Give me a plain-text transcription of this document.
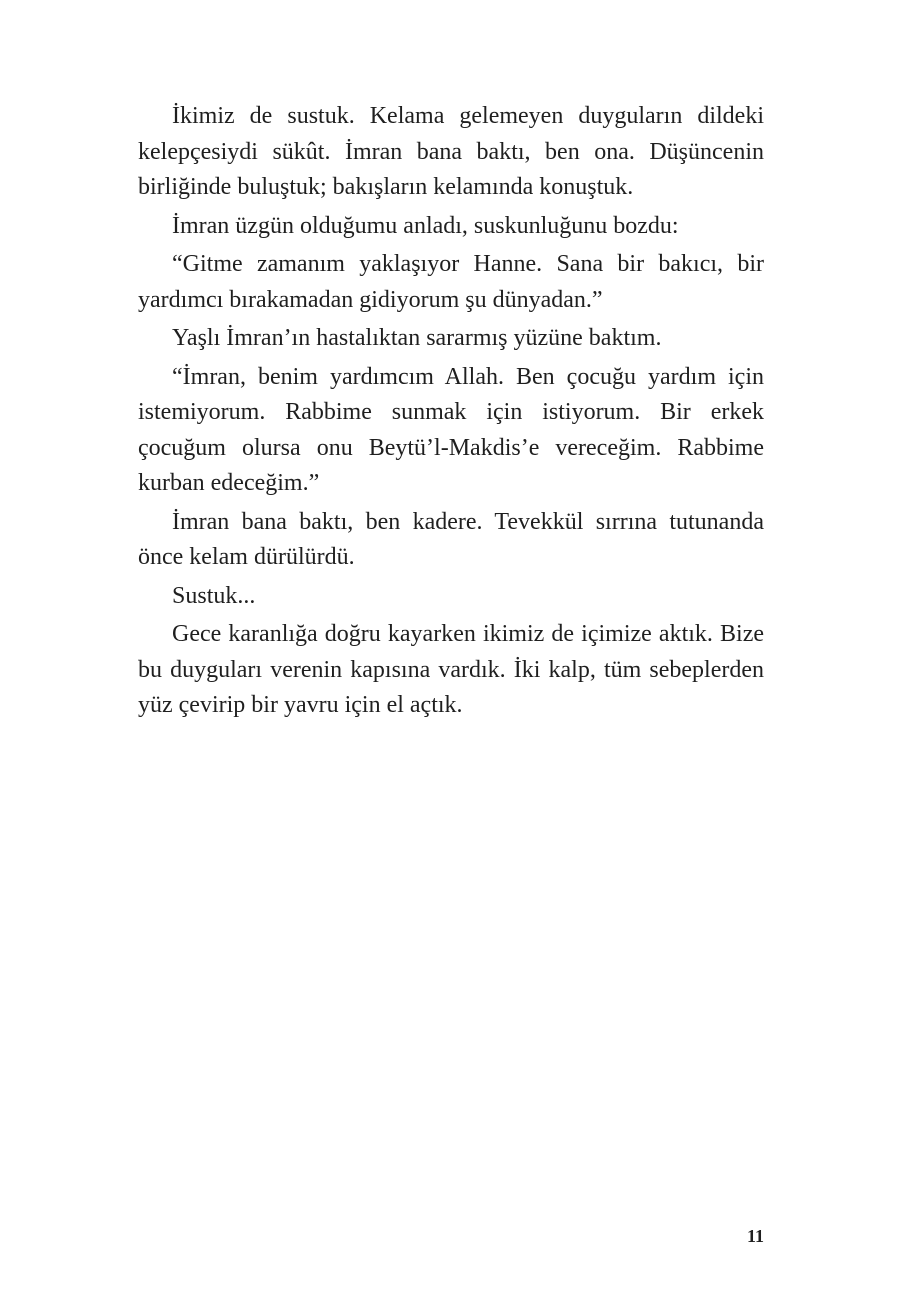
İkimiz de sustuk. Kelama gelemeyen duyguların dildeki kelepçesiydi sükût. İmran bana baktı, ben ona. Düşüncenin birliğinde buluştuk; bakışların kelamında konuştuk.

İmran üzgün olduğumu anladı, suskunluğunu bozdu:

“Gitme zamanım yaklaşıyor Hanne. Sana bir bakıcı, bir yardımcı bırakamadan gidiyorum şu dünyadan.”

Yaşlı İmran’ın hastalıktan sararmış yüzüne baktım.

“İmran, benim yardımcım Allah. Ben çocuğu yardım için istemiyorum. Rabbime sunmak için istiyorum. Bir erkek çocuğum olursa onu Beytü’l-Makdis’e vereceğim. Rabbime kurban edeceğim.”

İmran bana baktı, ben kadere. Tevekkül sırrına tutunanda önce kelam dürülürdü.

Sustuk...

Gece karanlığa doğru kayarken ikimiz de içimize aktık. Bize bu duyguları verenin kapısına vardık. İki kalp, tüm sebeplerden yüz çevirip bir yavru için el açtık.

11
